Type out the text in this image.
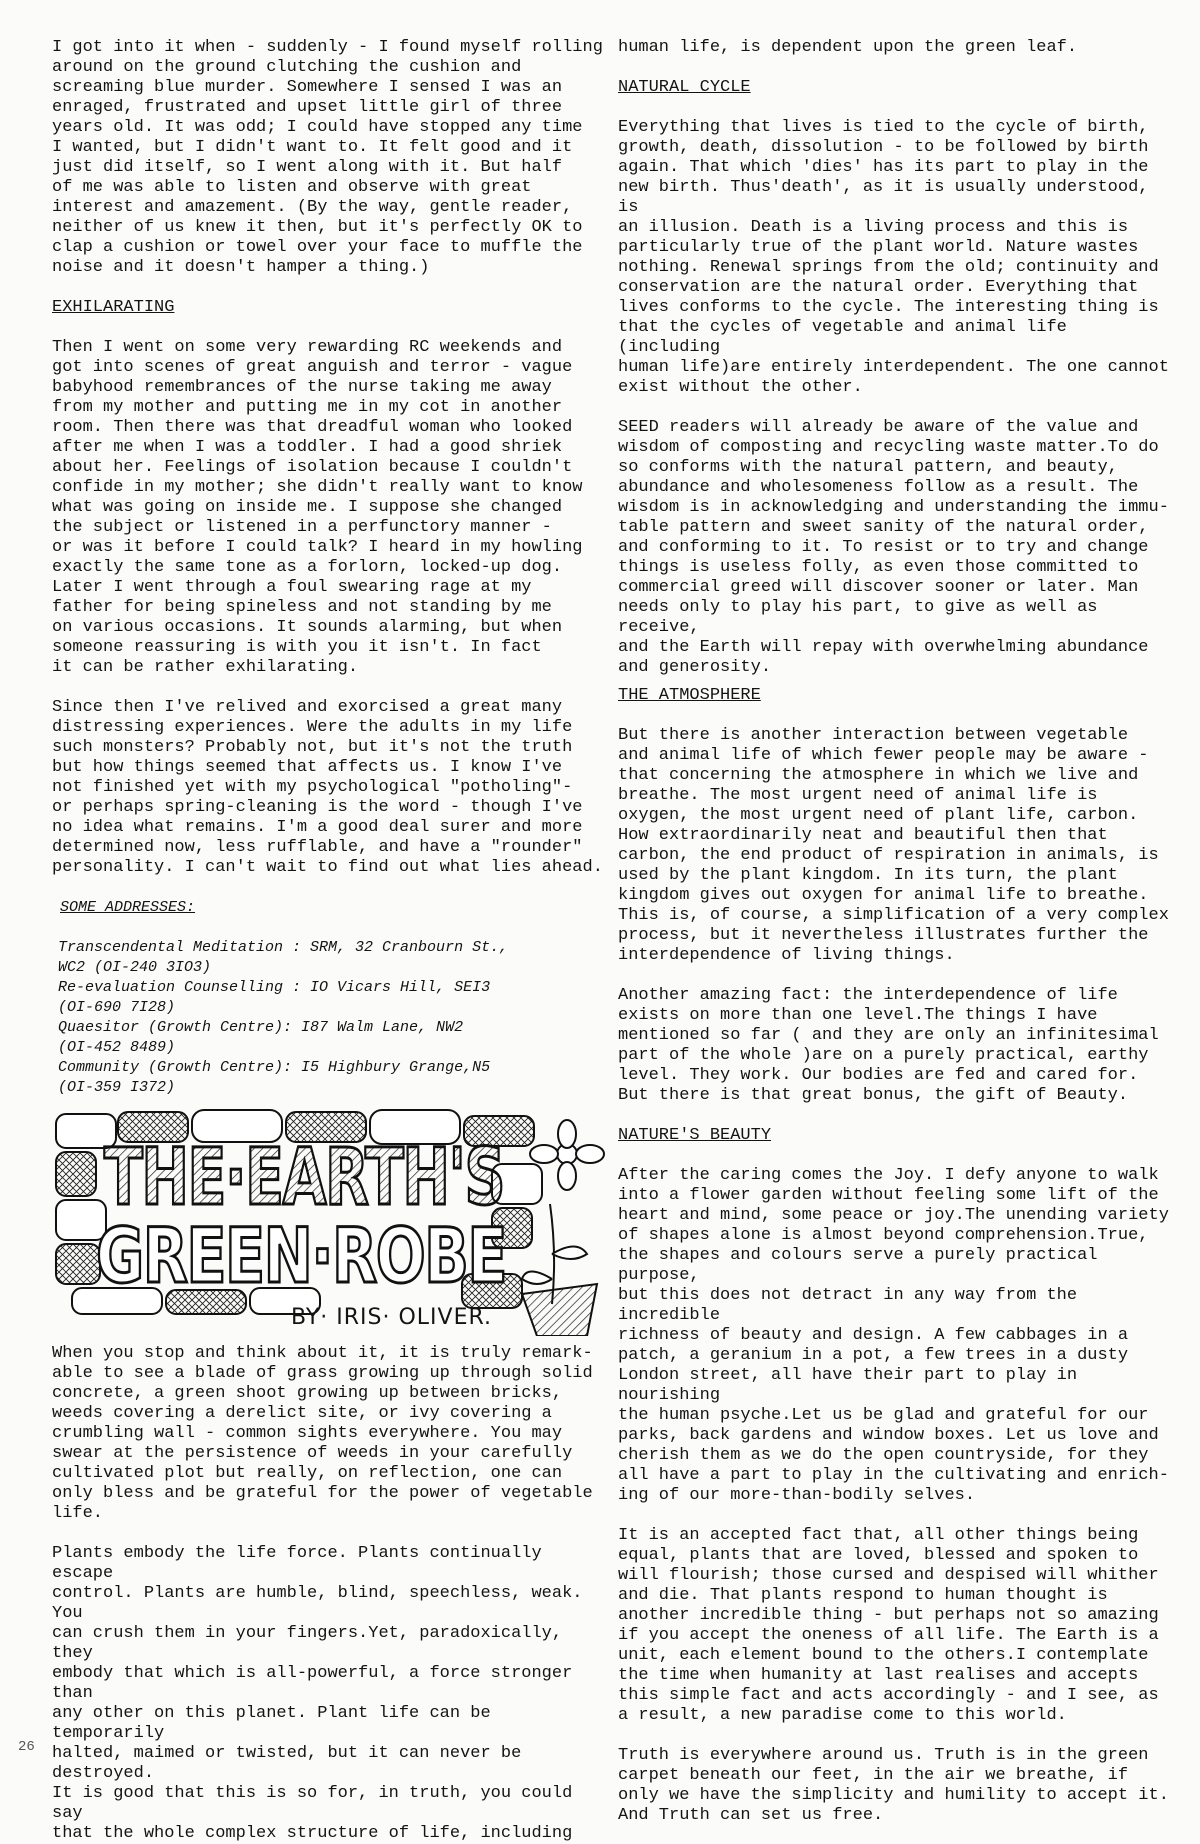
I got into it when - suddenly - I found myself rolling
around on the ground clutching the cushion and
screaming blue murder. Somewhere I sensed I was an
enraged, frustrated and upset little girl of three
years old. It was odd; I could have stopped any time
I wanted, but I didn't want to. It felt good and it
just did itself, so I went along with it. But half
of me was able to listen and observe with great
interest and amazement. (By the way, gentle reader,
neither of us knew it then, but it's perfectly OK to
clap a cushion or towel over your face to muffle the
noise and it doesn't hamper a thing.)

EXHILARATING

Then I went on some very rewarding RC weekends and
got into scenes of great anguish and terror - vague
babyhood remembrances of the nurse taking me away
from my mother and putting me in my cot in another
room. Then there was that dreadful woman who looked
after me when I was a toddler. I had a good shriek
about her. Feelings of isolation because I couldn't
confide in my mother; she didn't really want to know
what was going on inside me. I suppose she changed
the subject or listened in a perfunctory manner -
or was it before I could talk? I heard in my howling
exactly the same tone as a forlorn, locked-up dog.
Later I went through a foul swearing rage at my
father for being spineless and not standing by me
on various occasions. It sounds alarming, but when
someone reassuring is with you it isn't. In fact
it can be rather exhilarating.

Since then I've relived and exorcised a great many
distressing experiences. Were the adults in my life
such monsters? Probably not, but it's not the truth
but how things seemed that affects us. I know I've
not finished yet with my psychological "potholing"-
or perhaps spring-cleaning is the word - though I've
no idea what remains. I'm a good deal surer and more
determined now, less rufflable, and have a "rounder"
personality. I can't wait to find out what lies ahead.

SOME ADDRESSES:
Transcendental Meditation : SRM, 32 Cranbourn St.,
WC2 (OI-240 3IO3)
Re-evaluation Counselling : IO Vicars Hill, SEI3
(OI-690 7I28)
Quaesitor (Growth Centre): I87 Walm Lane, NW2
(OI-452 8489)
Community (Growth Centre): I5 Highbury Grange,N5
(OI-359 I372)
THE·EARTH'S
GREEN·ROBE
BY· IRIS· OLIVER.

When you stop and think about it, it is truly remark-
able to see a blade of grass growing up through solid
concrete, a green shoot growing up between bricks,
weeds covering a derelict site, or ivy covering a
crumbling wall - common sights everywhere. You may
swear at the persistence of weeds in your carefully
cultivated plot but really, on reflection, one can
only bless and be grateful for the power of vegetable
life.

Plants embody the life force. Plants continually escape
control. Plants are humble, blind, speechless, weak. You
can crush them in your fingers.Yet, paradoxically, they
embody that which is all-powerful, a force stronger than
any other on this planet. Plant life can be temporarily
halted, maimed or twisted, but it can never be destroyed.
It is good that this is so for, in truth, you could say
that the whole complex structure of life, including

human life, is dependent upon the green leaf.

NATURAL CYCLE

Everything that lives is tied to the cycle of birth,
growth, death, dissolution - to be followed by birth
again. That which 'dies' has its part to play in the
new birth. Thus'death', as it is usually understood, is
an illusion. Death is a living process and this is
particularly true of the plant world. Nature wastes
nothing. Renewal springs from the old; continuity and
conservation are the natural order. Everything that
lives conforms to the cycle. The interesting thing is
that the cycles of vegetable and animal life (including
human life)are entirely interdependent. The one cannot
exist without the other.

SEED readers will already be aware of the value and
wisdom of composting and recycling waste matter.To do
so conforms with the natural pattern, and beauty,
abundance and wholesomeness follow as a result. The
wisdom is in acknowledging and understanding the immu-
table pattern and sweet sanity of the natural order,
and conforming to it. To resist or to try and change
things is useless folly, as even those committed to
commercial greed will discover sooner or later. Man
needs only to play his part, to give as well as receive,
and the Earth will repay with overwhelming abundance
and generosity.

THE ATMOSPHERE

But there is another interaction between vegetable
and animal life of which fewer people may be aware -
that concerning the atmosphere in which we live and
breathe. The most urgent need of animal life is
oxygen, the most urgent need of plant life, carbon.
How extraordinarily neat and beautiful then that
carbon, the end product of respiration in animals, is
used by the plant kingdom. In its turn, the plant
kingdom gives out oxygen for animal life to breathe.
This is, of course, a simplification of a very complex
process, but it nevertheless illustrates further the
interdependence of living things.

Another amazing fact: the interdependence of life
exists on more than one level.The things I have
mentioned so far ( and they are only an infinitesimal
part of the whole )are on a purely practical, earthy
level. They work. Our bodies are fed and cared for.
But there is that great bonus, the gift of Beauty.

NATURE'S BEAUTY

After the caring comes the Joy. I defy anyone to walk
into a flower garden without feeling some lift of the
heart and mind, some peace or joy.The unending variety
of shapes alone is almost beyond comprehension.True,
the shapes and colours serve a purely practical purpose,
but this does not detract in any way from the incredible
richness of beauty and design. A few cabbages in a
patch, a geranium in a pot, a few trees in a dusty
London street, all have their part to play in nourishing
the human psyche.Let us be glad and grateful for our
parks, back gardens and window boxes. Let us love and
cherish them as we do the open countryside, for they
all have a part to play in the cultivating and enrich-
ing of our more-than-bodily selves.

It is an accepted fact that, all other things being
equal, plants that are loved, blessed and spoken to
will flourish; those cursed and despised will whither
and die. That plants respond to human thought is
another incredible thing - but perhaps not so amazing
if you accept the oneness of all life. The Earth is a
unit, each element bound to the others.I contemplate
the time when humanity at last realises and accepts
this simple fact and acts accordingly - and I see, as
a result, a new paradise come to this world.

Truth is everywhere around us. Truth is in the green
carpet beneath our feet, in the air we breathe, if
only we have the simplicity and humility to accept it.
And Truth can set us free.

26
